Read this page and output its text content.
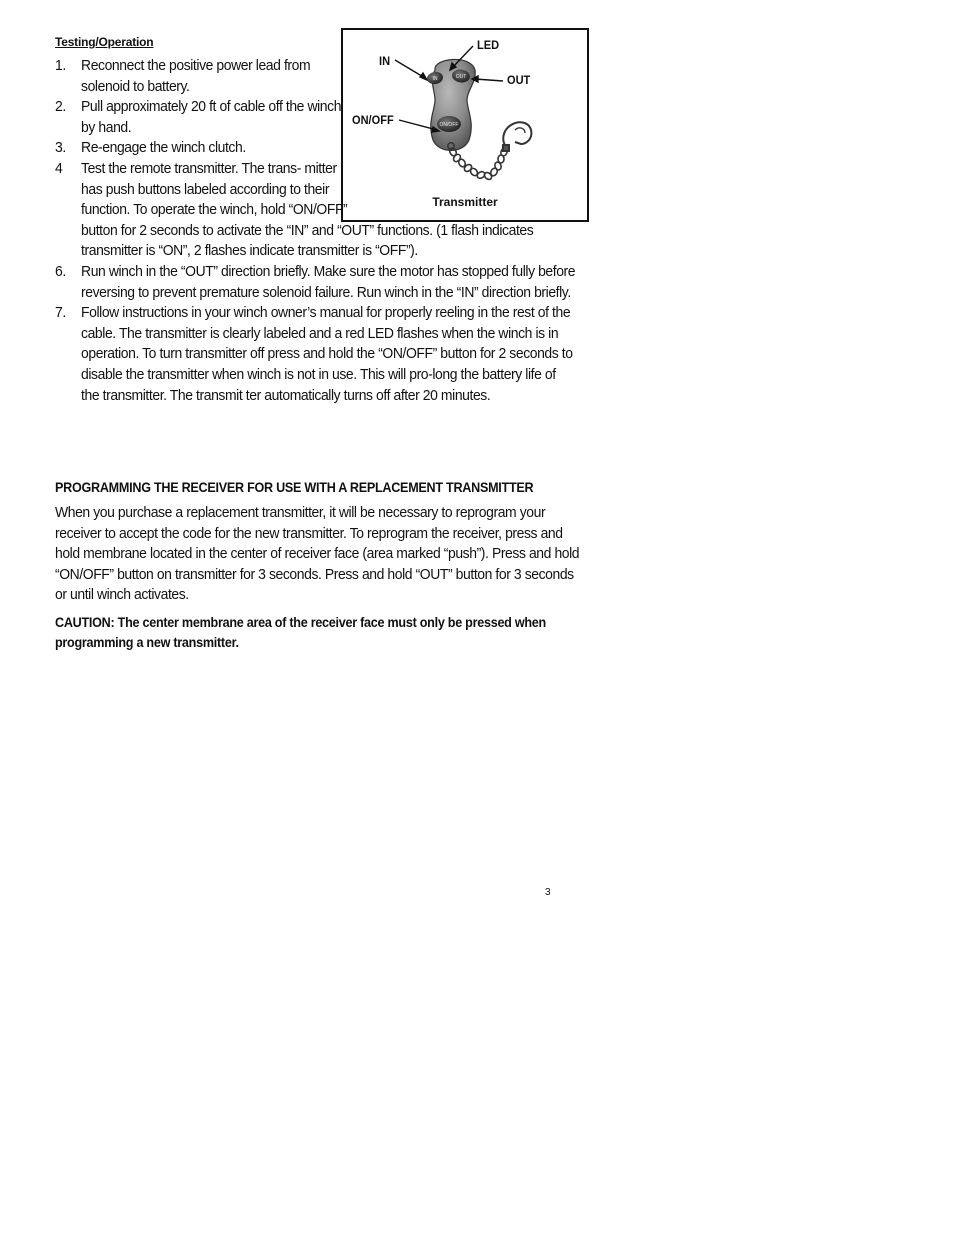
Testing/Operation
IN	OUT
ON/OFF
LED
IN
OUT
ON/OFF
Transmitter
1. Reconnect the positive power lead from solenoid to battery.
2. Pull approximately 20 ft of cable off the winch by hand.
3. Re-engage the winch clutch.
4 Test the remote transmitter. The trans- mitter has push buttons labeled according to their function. To operate the winch, hold “ON/OFF” button for 2 seconds to activate the “IN” and “OUT” functions. (1 flash indicates transmitter is “ON”, 2 flashes indicate transmitter is “OFF”).
6. Run winch in the “OUT” direction briefly. Make sure the motor has stopped fully before reversing to prevent premature solenoid failure. Run winch in the “IN” direction briefly.
7. Follow instructions in your winch owner’s manual for properly reeling in the rest of the cable. The transmitter is clearly labeled and a red LED flashes when the winch is in operation. To turn transmitter off press and hold the “ON/OFF” button for 2 seconds to disable the transmitter when winch is not in use. This will pro-long the battery life of the transmitter. The transmit ter automatically turns off after 20 minutes.
PROGRAMMING THE RECEIVER FOR USE WITH A REPLACEMENT TRANSMITTER

When you purchase a replacement transmitter, it will be necessary to reprogram your receiver to accept the code for the new transmitter. To reprogram the receiver, press and hold membrane located in the center of receiver face (area marked “push”). Press and hold “ON/OFF” button on transmitter for 3 seconds. Press and hold “OUT” button for 3 seconds or until winch activates.

CAUTION: The center membrane area of the receiver face must only be pressed when programming a new transmitter.

3
